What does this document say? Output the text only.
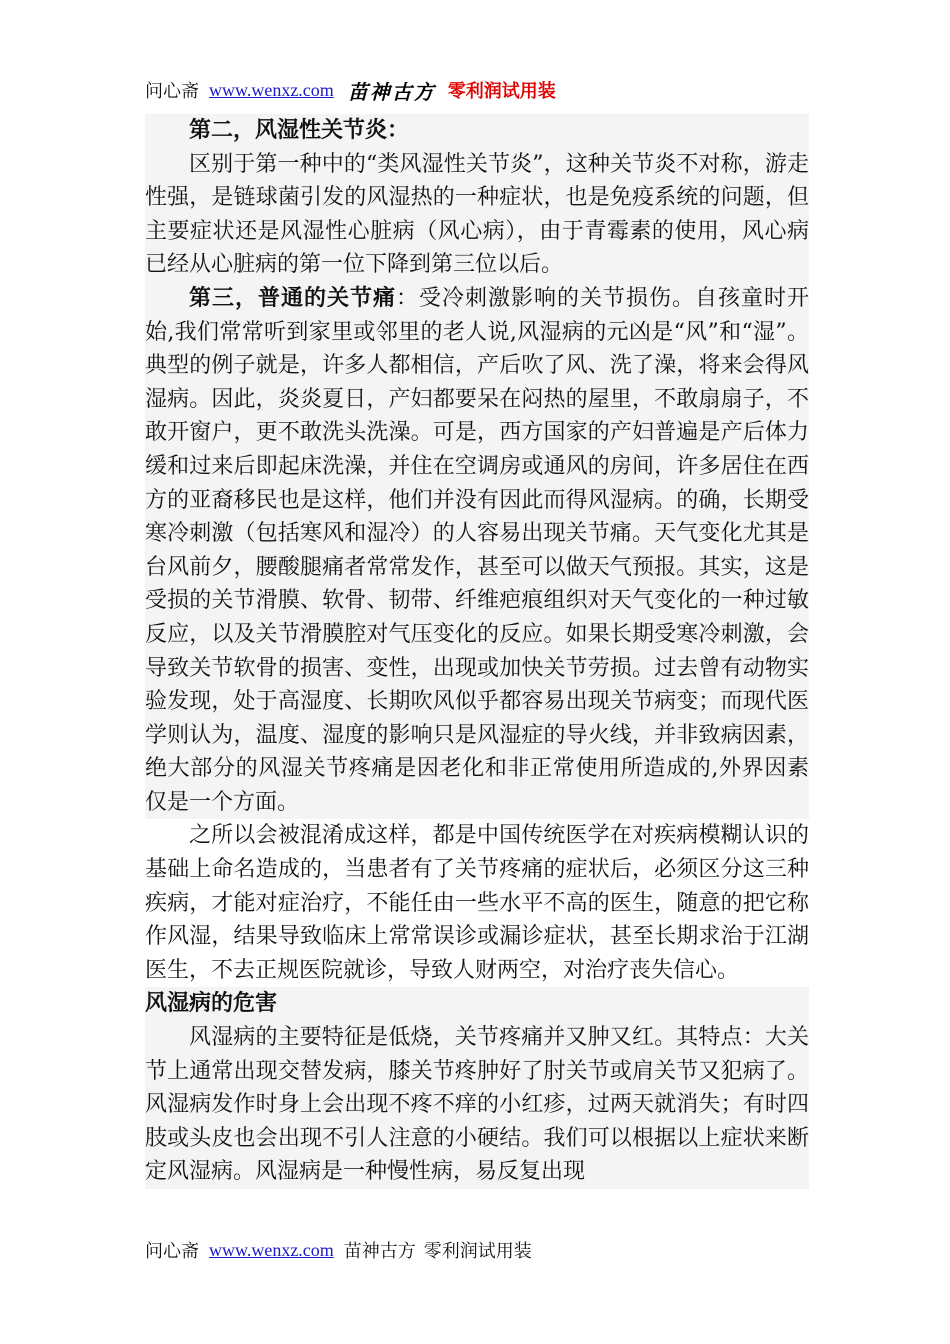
问心斋 www.wenxz.com 苗神古方 零利润试用装

第二，风湿性关节炎：

区别于第一种中的“类风湿性关节炎”，这种关节炎不对称，游走性强，是链球菌引发的风湿热的一种症状，也是免疫系统的问题，但主要症状还是风湿性心脏病（风心病），由于青霉素的使用，风心病已经从心脏病的第一位下降到第三位以后。

第三，普通的关节痛：受冷刺激影响的关节损伤。自孩童时开始,我们常常听到家里或邻里的老人说,风湿病的元凶是“风”和“湿”。典型的例子就是，许多人都相信，产后吹了风、洗了澡，将来会得风湿病。因此，炎炎夏日，产妇都要呆在闷热的屋里，不敢扇扇子，不敢开窗户，更不敢洗头洗澡。可是，西方国家的产妇普遍是产后体力缓和过来后即起床洗澡，并住在空调房或通风的房间，许多居住在西方的亚裔移民也是这样，他们并没有因此而得风湿病。的确，长期受寒冷刺激（包括寒风和湿冷）的人容易出现关节痛。天气变化尤其是台风前夕，腰酸腿痛者常常发作，甚至可以做天气预报。其实，这是受损的关节滑膜、软骨、韧带、纤维疤痕组织对天气变化的一种过敏反应，以及关节滑膜腔对气压变化的反应。如果长期受寒冷刺激，会导致关节软骨的损害、变性，出现或加快关节劳损。过去曾有动物实验发现，处于高湿度、长期吹风似乎都容易出现关节病变；而现代医学则认为，温度、湿度的影响只是风湿症的导火线，并非致病因素，绝大部分的风湿关节疼痛是因老化和非正常使用所造成的,外界因素仅是一个方面。

之所以会被混淆成这样，都是中国传统医学在对疾病模糊认识的基础上命名造成的，当患者有了关节疼痛的症状后，必须区分这三种疾病，才能对症治疗，不能任由一些水平不高的医生，随意的把它称作风湿，结果导致临床上常常误诊或漏诊症状，甚至长期求治于江湖医生，不去正规医院就诊，导致人财两空，对治疗丧失信心。

风湿病的危害

风湿病的主要特征是低烧，关节疼痛并又肿又红。其特点：大关节上通常出现交替发病，膝关节疼肿好了肘关节或肩关节又犯病了。风湿病发作时身上会出现不疼不痒的小红疹，过两天就消失；有时四肢或头皮也会出现不引人注意的小硬结。我们可以根据以上症状来断定风湿病。风湿病是一种慢性病，易反复出现

问心斋 www.wenxz.com 苗神古方 零利润试用装
